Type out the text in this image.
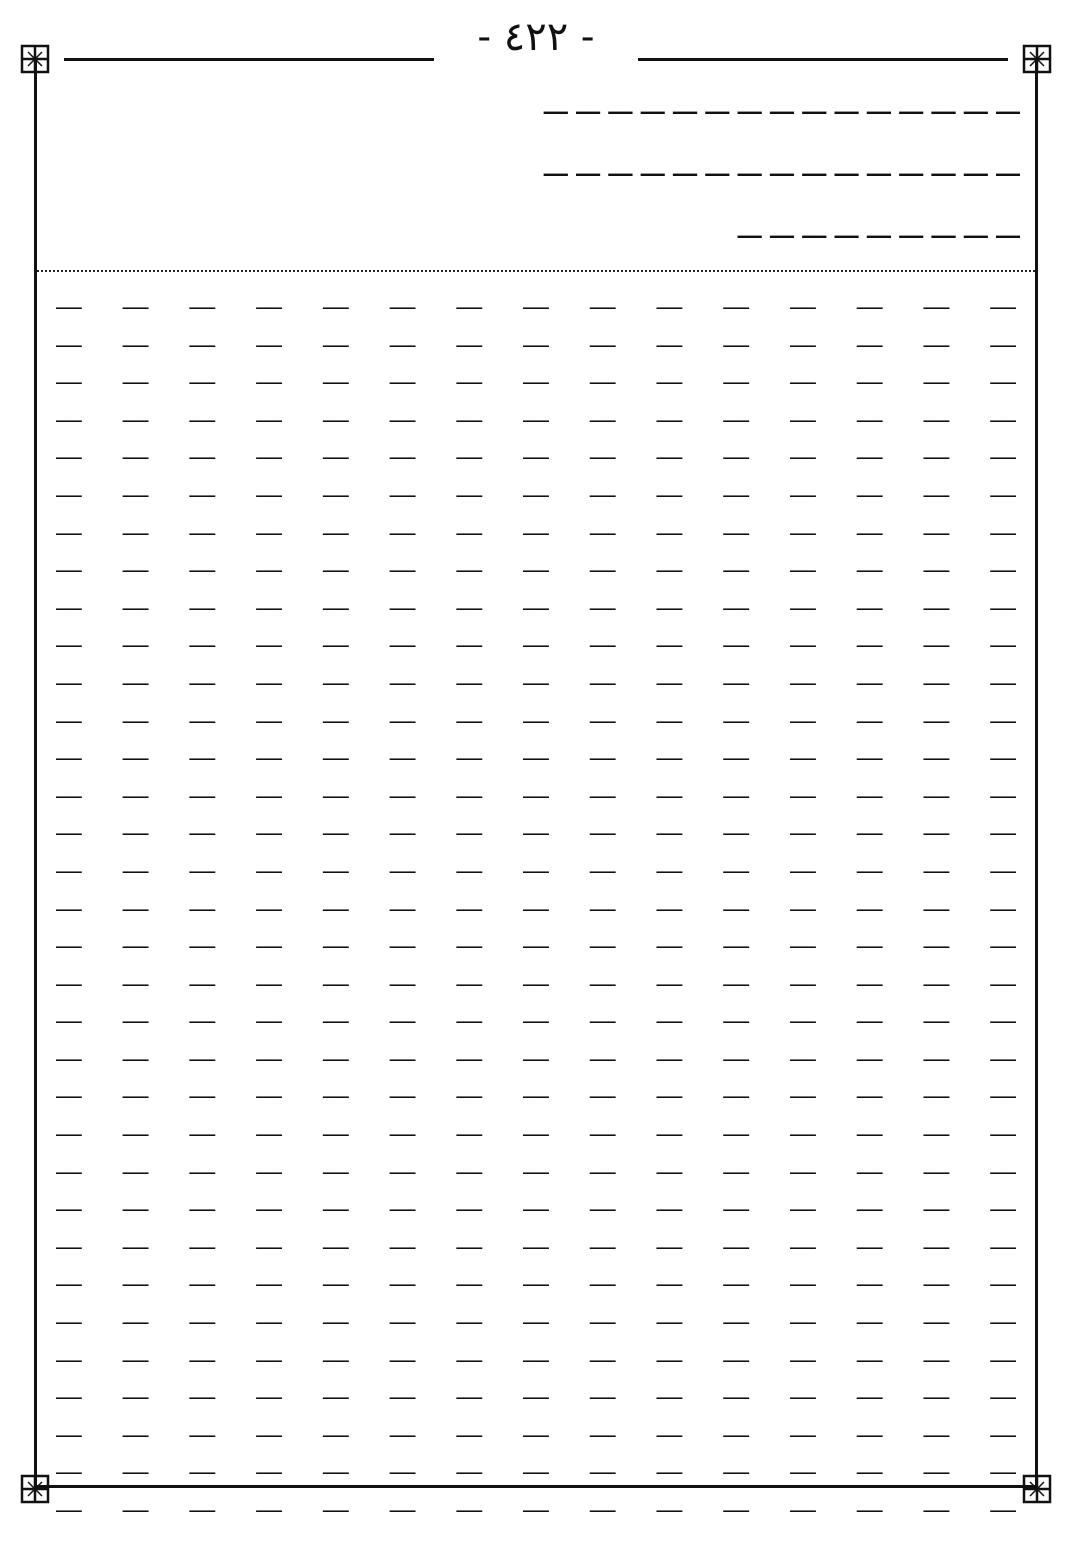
- ٤٢٢ -
ـــ ـــ ـــ ـــ ـــ ـــ ـــ ـــ ـــ ـــ ـــ ـــ ـــ ـــ ـــ
ـــ ـــ ـــ ـــ ـــ ـــ ـــ ـــ ـــ ـــ ـــ ـــ ـــ ـــ ـــ
ـــ ـــ ـــ ـــ ـــ ـــ ـــ ـــ ـــ
ـــــ ـــــ ـــــ ـــــ ـــــ ـــــ ـــــ ـــــ ـــــ ـــــ ـــــ ـــــ ـــــ ـــــ ـــــ
ـــــ ـــــ ـــــ ـــــ ـــــ ـــــ ـــــ ـــــ ـــــ ـــــ ـــــ ـــــ ـــــ ـــــ ـــــ
ـــــ ـــــ ـــــ ـــــ ـــــ ـــــ ـــــ ـــــ ـــــ ـــــ ـــــ ـــــ ـــــ ـــــ ـــــ
ـــــ ـــــ ـــــ ـــــ ـــــ ـــــ ـــــ ـــــ ـــــ ـــــ ـــــ ـــــ ـــــ ـــــ ـــــ
ـــــ ـــــ ـــــ ـــــ ـــــ ـــــ ـــــ ـــــ ـــــ ـــــ ـــــ ـــــ ـــــ ـــــ ـــــ
ـــــ ـــــ ـــــ ـــــ ـــــ ـــــ ـــــ ـــــ ـــــ ـــــ ـــــ ـــــ ـــــ ـــــ ـــــ
ـــــ ـــــ ـــــ ـــــ ـــــ ـــــ ـــــ ـــــ ـــــ ـــــ ـــــ ـــــ ـــــ ـــــ ـــــ
ـــــ ـــــ ـــــ ـــــ ـــــ ـــــ ـــــ ـــــ ـــــ ـــــ ـــــ ـــــ ـــــ ـــــ ـــــ
ـــــ ـــــ ـــــ ـــــ ـــــ ـــــ ـــــ ـــــ ـــــ ـــــ ـــــ ـــــ ـــــ ـــــ ـــــ
ـــــ ـــــ ـــــ ـــــ ـــــ ـــــ ـــــ ـــــ ـــــ ـــــ ـــــ ـــــ ـــــ ـــــ ـــــ
ـــــ ـــــ ـــــ ـــــ ـــــ ـــــ ـــــ ـــــ ـــــ ـــــ ـــــ ـــــ ـــــ ـــــ ـــــ
ـــــ ـــــ ـــــ ـــــ ـــــ ـــــ ـــــ ـــــ ـــــ ـــــ ـــــ ـــــ ـــــ ـــــ ـــــ
ـــــ ـــــ ـــــ ـــــ ـــــ ـــــ ـــــ ـــــ ـــــ ـــــ ـــــ ـــــ ـــــ ـــــ ـــــ
ـــــ ـــــ ـــــ ـــــ ـــــ ـــــ ـــــ ـــــ ـــــ ـــــ ـــــ ـــــ ـــــ ـــــ ـــــ
ـــــ ـــــ ـــــ ـــــ ـــــ ـــــ ـــــ ـــــ ـــــ ـــــ ـــــ ـــــ ـــــ ـــــ ـــــ
ـــــ ـــــ ـــــ ـــــ ـــــ ـــــ ـــــ ـــــ ـــــ ـــــ ـــــ ـــــ ـــــ ـــــ ـــــ
ـــــ ـــــ ـــــ ـــــ ـــــ ـــــ ـــــ ـــــ ـــــ ـــــ ـــــ ـــــ ـــــ ـــــ ـــــ
ـــــ ـــــ ـــــ ـــــ ـــــ ـــــ ـــــ ـــــ ـــــ ـــــ ـــــ ـــــ ـــــ ـــــ ـــــ
ـــــ ـــــ ـــــ ـــــ ـــــ ـــــ ـــــ ـــــ ـــــ ـــــ ـــــ ـــــ ـــــ ـــــ ـــــ
ـــــ ـــــ ـــــ ـــــ ـــــ ـــــ ـــــ ـــــ ـــــ ـــــ ـــــ ـــــ ـــــ ـــــ ـــــ
ـــــ ـــــ ـــــ ـــــ ـــــ ـــــ ـــــ ـــــ ـــــ ـــــ ـــــ ـــــ ـــــ ـــــ ـــــ
ـــــ ـــــ ـــــ ـــــ ـــــ ـــــ ـــــ ـــــ ـــــ ـــــ ـــــ ـــــ ـــــ ـــــ ـــــ
ـــــ ـــــ ـــــ ـــــ ـــــ ـــــ ـــــ ـــــ ـــــ ـــــ ـــــ ـــــ ـــــ ـــــ ـــــ
ـــــ ـــــ ـــــ ـــــ ـــــ ـــــ ـــــ ـــــ ـــــ ـــــ ـــــ ـــــ ـــــ ـــــ ـــــ
ـــــ ـــــ ـــــ ـــــ ـــــ ـــــ ـــــ ـــــ ـــــ ـــــ ـــــ ـــــ ـــــ ـــــ ـــــ
ـــــ ـــــ ـــــ ـــــ ـــــ ـــــ ـــــ ـــــ ـــــ ـــــ ـــــ ـــــ ـــــ ـــــ ـــــ
ـــــ ـــــ ـــــ ـــــ ـــــ ـــــ ـــــ ـــــ ـــــ ـــــ ـــــ ـــــ ـــــ ـــــ ـــــ
ـــــ ـــــ ـــــ ـــــ ـــــ ـــــ ـــــ ـــــ ـــــ ـــــ ـــــ ـــــ ـــــ ـــــ ـــــ
ـــــ ـــــ ـــــ ـــــ ـــــ ـــــ ـــــ ـــــ ـــــ ـــــ ـــــ ـــــ ـــــ ـــــ ـــــ
ـــــ ـــــ ـــــ ـــــ ـــــ ـــــ ـــــ ـــــ ـــــ ـــــ ـــــ ـــــ ـــــ ـــــ ـــــ
ـــــ ـــــ ـــــ ـــــ ـــــ ـــــ ـــــ ـــــ ـــــ ـــــ ـــــ ـــــ ـــــ ـــــ ـــــ
ـــــ ـــــ ـــــ ـــــ ـــــ ـــــ ـــــ ـــــ ـــــ ـــــ ـــــ ـــــ ـــــ ـــــ ـــــ
ـــــ ـــــ ـــــ ـــــ ـــــ ـــــ ـــــ ـــــ ـــــ ـــــ ـــــ ـــــ ـــــ ـــــ ـــــ
